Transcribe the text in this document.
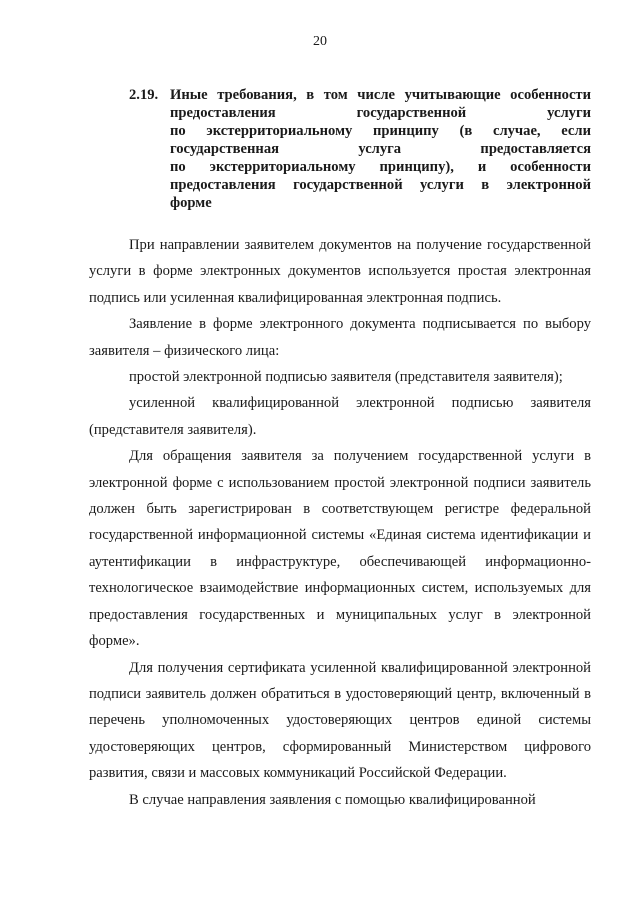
20
2.19. Иные требования, в том числе учитывающие особенности
предоставления государственной услуги
по экстерриториальному принципу (в случае, если
государственная услуга предоставляется
по экстерриториальному принципу), и особенности
предоставления государственной услуги в электронной
форме

При направлении заявителем документов на получение государственной услуги в форме электронных документов используется простая электронная подпись или усиленная квалифицированная электронная подпись.

Заявление в форме электронного документа подписывается по выбору заявителя – физического лица:

простой электронной подписью заявителя (представителя заявителя);

усиленной квалифицированной электронной подписью заявителя (представителя заявителя).

Для обращения заявителя за получением государственной услуги в электронной форме с использованием простой электронной подписи заявитель должен быть зарегистрирован в соответствующем регистре федеральной государственной информационной системы «Единая система идентификации и аутентификации в инфраструктуре, обеспечивающей информационно-технологическое взаимодействие информационных систем, используемых для предоставления государственных и муниципальных услуг в электронной форме».

Для получения сертификата усиленной квалифицированной электронной подписи заявитель должен обратиться в удостоверяющий центр, включенный в перечень уполномоченных удостоверяющих центров единой системы удостоверяющих центров, сформированный Министерством цифрового развития, связи и массовых коммуникаций Российской Федерации.

В случае направления заявления с помощью квалифицированной
